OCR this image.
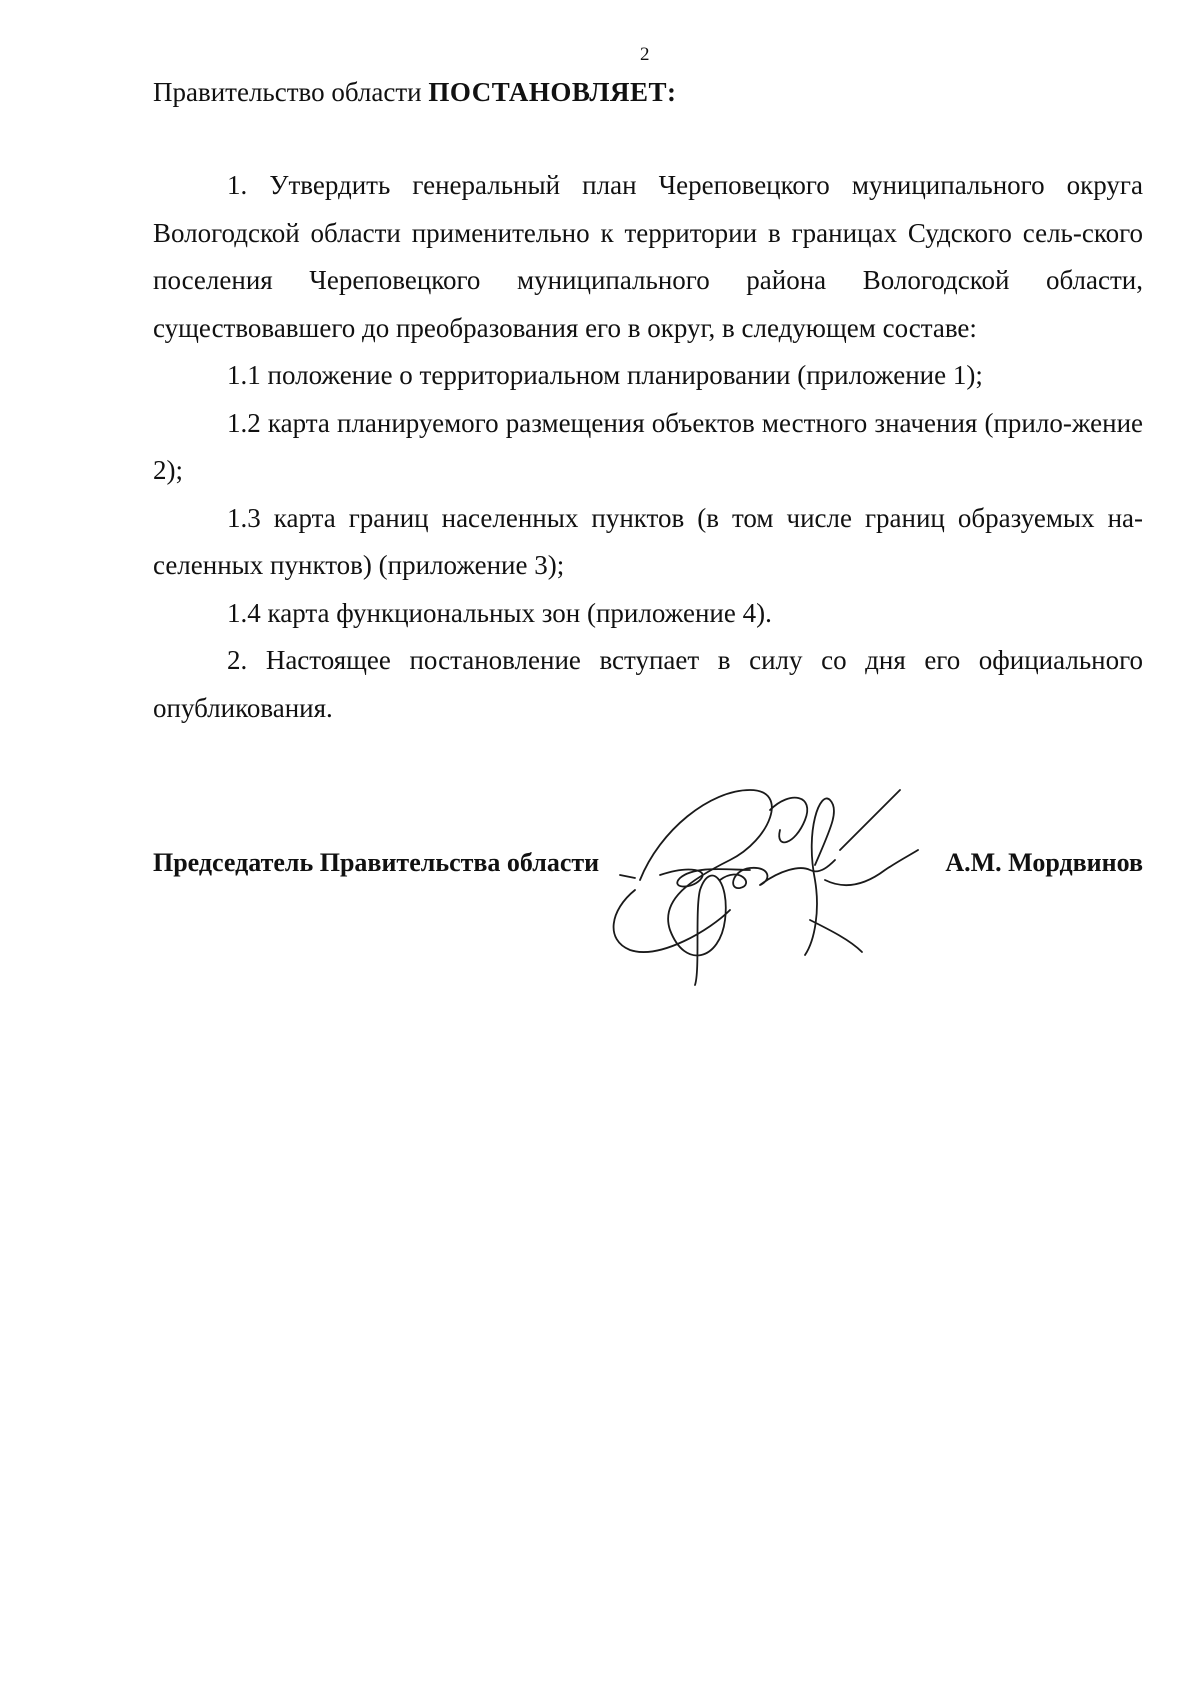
2
Правительство области ПОСТАНОВЛЯЕТ:

1. Утвердить генеральный план Череповецкого муниципального округа Вологодской области применительно к территории в границах Судского сель-ского поселения Череповецкого муниципального района Вологодской области, существовавшего до преобразования его в округ, в следующем составе:

1.1 положение о территориальном планировании (приложение 1);

1.2 карта планируемого размещения объектов местного значения (прило-жение 2);

1.3 карта границ населенных пунктов (в том числе границ образуемых на-селенных пунктов) (приложение 3);

1.4 карта функциональных зон (приложение 4).

2. Настоящее постановление вступает в силу со дня его официального опубликования.

Председатель Правительства области	А.М. Мордвинов
